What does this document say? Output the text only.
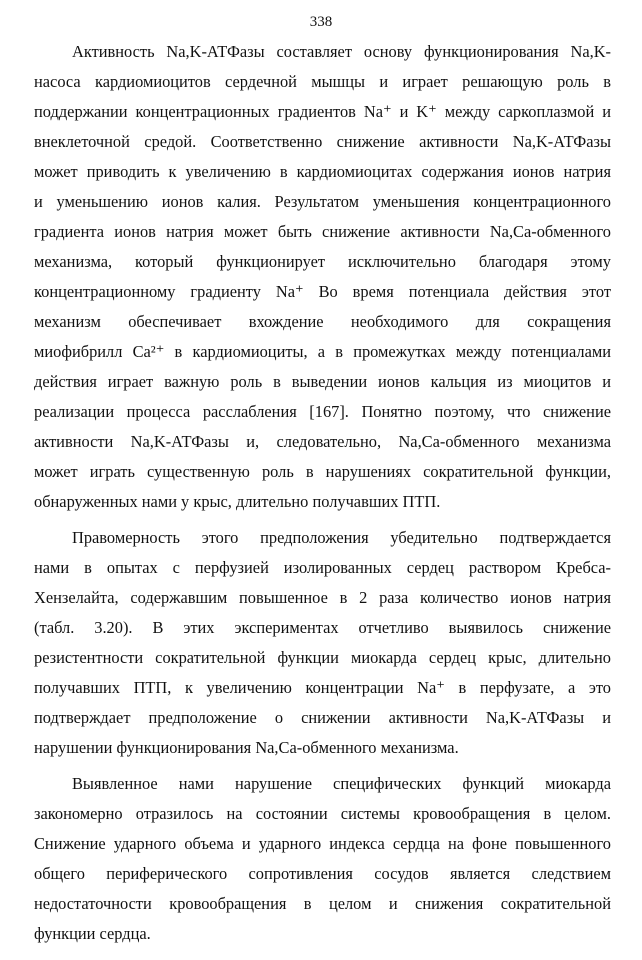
338
Активность Na,K-АТФазы составляет основу функционирования Na,K-
насоса кардиомиоцитов сердечной мышцы и играет решающую роль в
поддержании концентрационных градиентов Na⁺ и K⁺ между саркоплазмой и
внеклеточной средой. Соответственно снижение активности Na,K-АТФазы
может приводить к увеличению в кардиомиоцитах содержания ионов натрия
и уменьшению ионов калия. Результатом уменьшения концентрационного
градиента ионов натрия может быть снижение активности Na,Ca-обменного
механизма, который функционирует исключительно благодаря этому
концентрационному градиенту Na⁺ Во время потенциала действия этот
механизм обеспечивает вхождение необходимого для сокращения
миофибрилл Ca²⁺ в кардиомиоциты, а в промежутках между потенциалами
действия играет важную роль в выведении ионов кальция из миоцитов и
реализации процесса расслабления [167]. Понятно поэтому, что снижение
активности Na,K-АТФазы и, следовательно, Na,Ca-обменного механизма
может играть существенную роль в нарушениях сократительной функции,
обнаруженных нами у крыс, длительно получавших ПТП.
Правомерность этого предположения убедительно подтверждается
нами в опытах с перфузией изолированных сердец раствором Кребса-
Хензелайта, содержавшим повышенное в 2 раза количество ионов натрия
(табл. 3.20). В этих экспериментах отчетливо выявилось снижение
резистентности сократительной функции миокарда сердец крыс, длительно
получавших ПТП, к увеличению концентрации Na⁺ в перфузате, а это
подтверждает предположение о снижении активности Na,K-АТФазы и
нарушении функционирования Na,Ca-обменного механизма.
Выявленное нами нарушение специфических функций миокарда
закономерно отразилось на состоянии системы кровообращения в целом.
Снижение ударного объема и ударного индекса сердца на фоне повышенного
общего периферического сопротивления сосудов является следствием
недостаточности кровообращения в целом и снижения сократительной
функции сердца.
